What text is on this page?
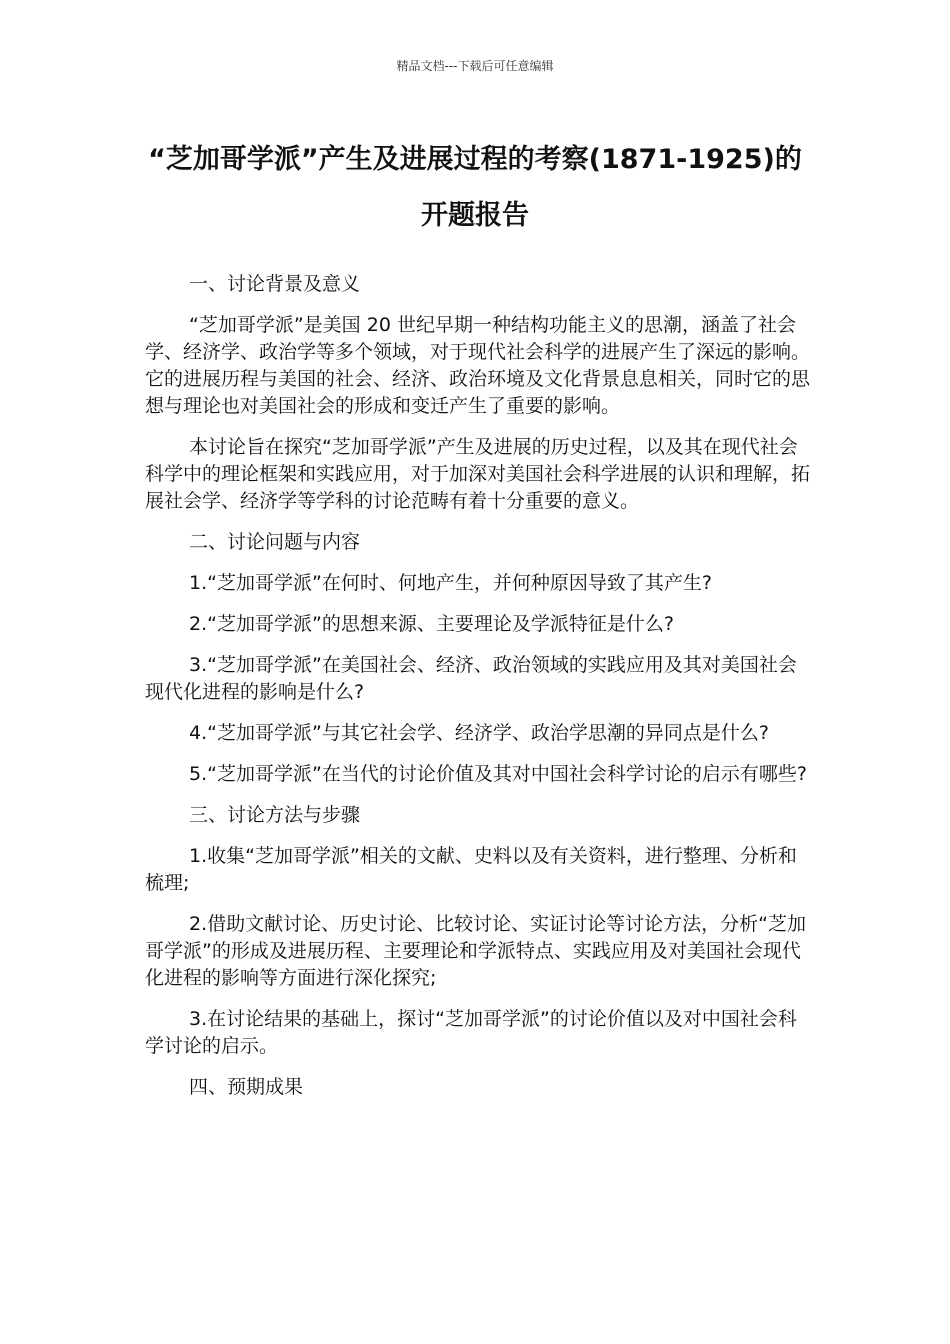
精品文档---下载后可任意编辑
“芝加哥学派”产生及进展过程的考察(1871-1925)的
开题报告

一、讨论背景及意义

“芝加哥学派”是美国 20 世纪早期一种结构功能主义的思潮，涵盖了社会学、经济学、政治学等多个领域，对于现代社会科学的进展产生了深远的影响。它的进展历程与美国的社会、经济、政治环境及文化背景息息相关，同时它的思想与理论也对美国社会的形成和变迁产生了重要的影响。

本讨论旨在探究“芝加哥学派”产生及进展的历史过程，以及其在现代社会科学中的理论框架和实践应用，对于加深对美国社会科学进展的认识和理解，拓展社会学、经济学等学科的讨论范畴有着十分重要的意义。

二、讨论问题与内容

1.“芝加哥学派”在何时、何地产生，并何种原因导致了其产生?

2.“芝加哥学派”的思想来源、主要理论及学派特征是什么?

3.“芝加哥学派”在美国社会、经济、政治领域的实践应用及其对美国社会现代化进程的影响是什么?

4.“芝加哥学派”与其它社会学、经济学、政治学思潮的异同点是什么?

5.“芝加哥学派”在当代的讨论价值及其对中国社会科学讨论的启示有哪些?

三、讨论方法与步骤

1.收集“芝加哥学派”相关的文献、史料以及有关资料，进行整理、分析和梳理;

2.借助文献讨论、历史讨论、比较讨论、实证讨论等讨论方法，分析“芝加哥学派”的形成及进展历程、主要理论和学派特点、实践应用及对美国社会现代化进程的影响等方面进行深化探究;

3.在讨论结果的基础上，探讨“芝加哥学派”的讨论价值以及对中国社会科学讨论的启示。

四、预期成果
